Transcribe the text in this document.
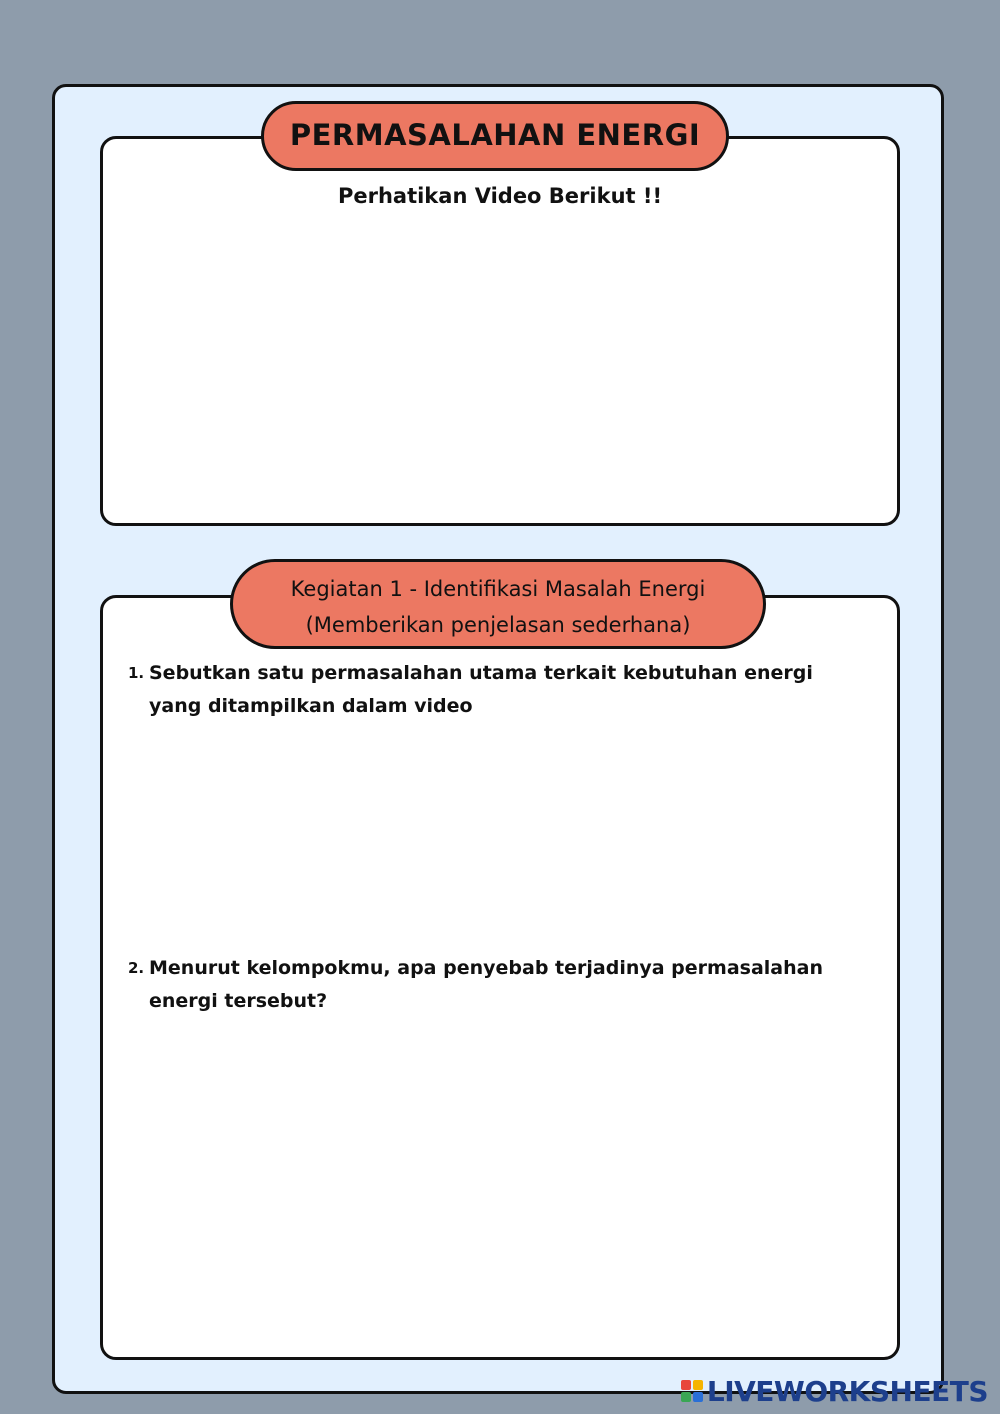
PERMASALAHAN ENERGI
Perhatikan Video Berikut !!
Kegiatan 1 - Identifikasi Masalah Energi
(Memberikan penjelasan sederhana)
1. Sebutkan satu permasalahan utama terkait kebutuhan energi yang ditampilkan dalam video
2. Menurut kelompokmu, apa penyebab terjadinya permasalahan energi tersebut?
LIVEWORKSHEETS
